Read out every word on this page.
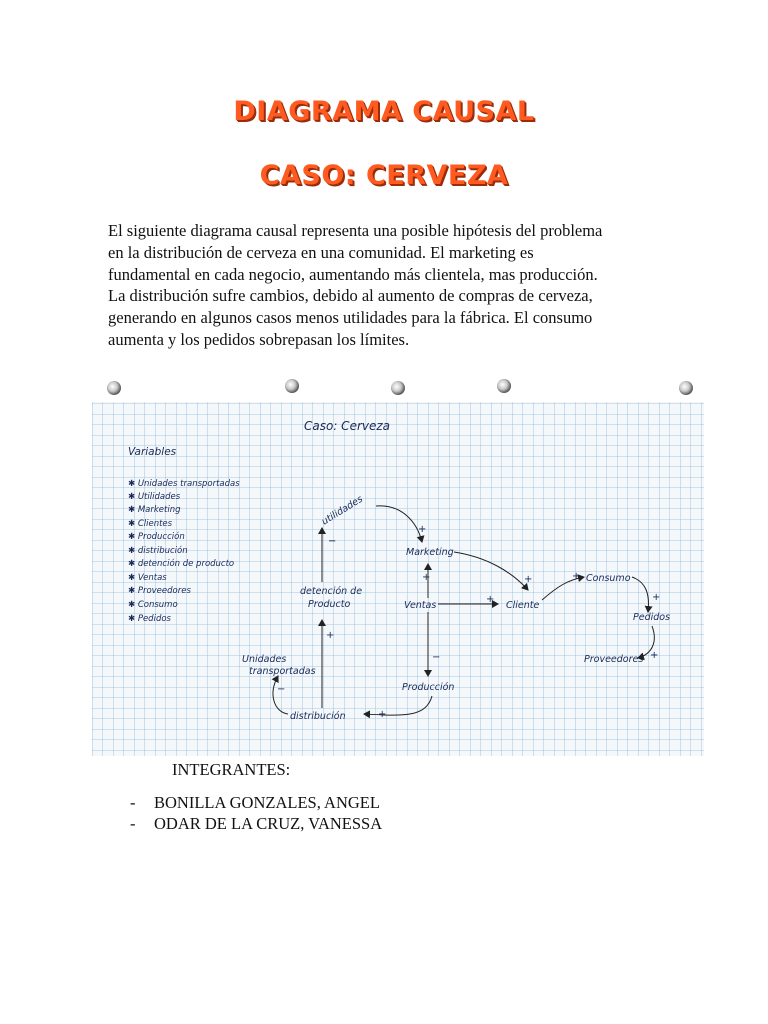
DIAGRAMA CAUSAL
CASO: CERVEZA
El siguiente diagrama causal representa una posible hipótesis del problema
en la distribución de cerveza en una comunidad. El marketing es
fundamental en cada negocio, aumentando más clientela, mas producción.
La distribución sufre cambios, debido al aumento de compras de cerveza,
generando en algunos casos menos utilidades para la fábrica. El consumo
aumenta y los pedidos sobrepasan los límites.
Caso: Cerveza
Variables
✱ Unidades transportadas
✱ Utilidades
✱ Marketing
✱ Clientes
✱ Producción
✱ distribución
✱ detención de producto
✱ Ventas
✱ Proveedores
✱ Consumo
✱ Pedidos
utilidades
Marketing
Ventas	Cliente
Consumo
Pedidos
Proveedores
Producción
distribución
detención de
Producto
Unidades
transportadas
+
−
+
+
+	+
+
+
−
+
−
+
INTEGRANTES:
-	BONILLA GONZALES, ANGEL
-	ODAR DE LA CRUZ, VANESSA
